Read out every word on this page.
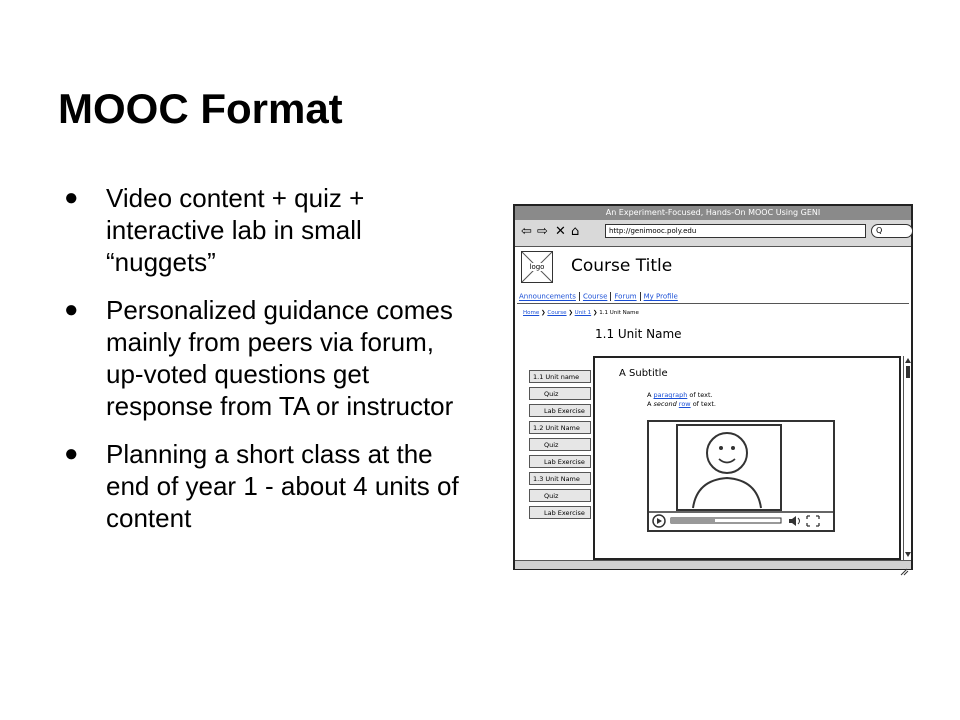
MOOC Format
● Video content + quiz + interactive lab in small “nuggets”
● Personalized guidance comes mainly from peers via forum, up-voted questions get response from TA or instructor
● Planning a short class at the end of year 1 - about 4 units of content
An Experiment-Focused, Hands-On MOOC Using GENI
⇦ ⇨ ✕ ⌂	http://genimooc.poly.edu	Q
logo	Course Title
Announcements Course Forum My Profile
Home ❯ Course ❯ Unit 1 ❯ 1.1 Unit Name
1.1 Unit Name
1.1 Unit name
Quiz
Lab Exercise
1.2 Unit Name
Quiz
Lab Exercise
1.3 Unit Name
Quiz
Lab Exercise
A Subtitle
A paragraph of text.
A second row of text.
